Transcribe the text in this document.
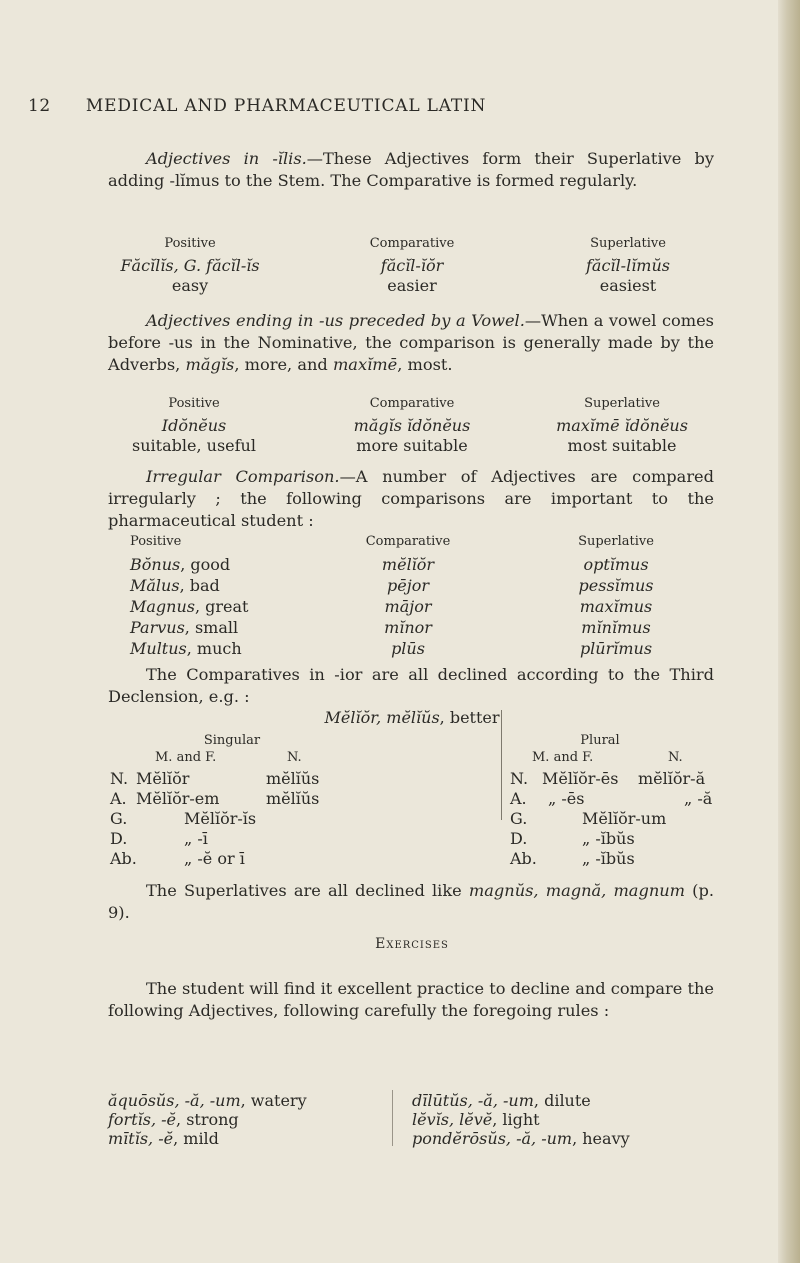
12 MEDICAL AND PHARMACEUTICAL LATIN

Adjectives in -ĭlis.—These Adjectives form their Superlative by adding -lĭmus to the Stem. The Comparative is formed regularly.

Positive	Comparative	Superlative
Făcĭlĭs, G. făcĭl-ĭs	făcĭl-ĭŏr	făcĭl-lĭmŭs
easy	easier	easiest

Adjectives ending in -us preceded by a Vowel.—When a vowel comes before -us in the Nominative, the comparison is generally made by the Adverbs, măgĭs, more, and maxĭmē, most.

Positive	Comparative	Superlative
Idŏnĕus	măgĭs ĭdŏnĕus	maxĭmē ĭdŏnĕus
suitable, useful	more suitable	most suitable

Irregular Comparison.—A number of Adjectives are compared irregularly ; the following comparisons are important to the pharmaceutical student :

Positive	Comparative	Superlative
Bŏnus, good	mĕlĭŏr	optĭmus
Mălus, bad	pējor	pessĭmus
Magnus, great	mājor	maxĭmus
Parvus, small	mĭnor	mĭnĭmus
Multus, much	plūs	plūrĭmus

The Comparatives in -ior are all declined according to the Third Declension, e.g. :

Mĕlĭŏr, mĕlĭŭs, better
Singular
M. and F.	N.
N. Mĕlĭŏr	mĕlĭŭs
A. Mĕlĭŏr-em	mĕlĭŭs
G.	Mĕlĭŏr-ĭs
D.	„ -ī
Ab.	„ -ĕ or ī
Plural
M. and F.	N.
N. Mĕlĭŏr-ēs mĕlĭŏr-ă
A. „ -ēs	„ -ă
G.	Mĕlĭŏr-um
D.	„ -ĭbŭs
Ab.	„ -ĭbŭs

The Superlatives are all declined like magnŭs, magnă, magnum (p. 9).

Exercises

The student will find it excellent practice to decline and compare the following Adjectives, following carefully the foregoing rules :

ăquōsŭs, -ă, -um, watery
fortĭs, -ĕ, strong
mītĭs, -ĕ, mild
dīlūtŭs, -ă, -um, dilute
lĕvĭs, lĕvĕ, light
pondĕrōsŭs, -ă, -um, heavy
